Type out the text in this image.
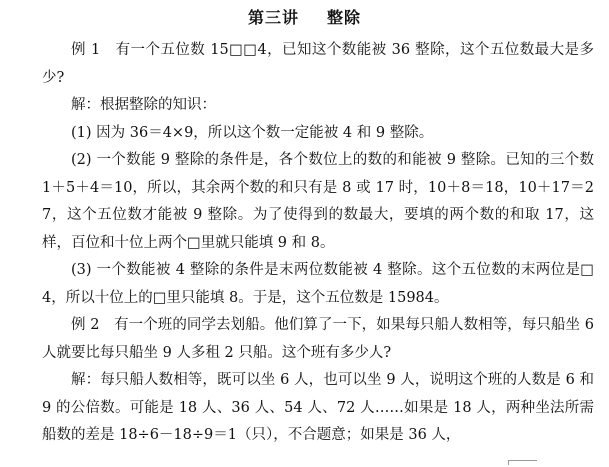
第三讲 整除

例 1　有一个五位数 15□□4，已知这个数能被 36 整除，这个五位数最大是多少?

解：根据整除的知识：

(1) 因为 36＝4×9，所以这个数一定能被 4 和 9 整除。

(2) 一个数能 9 整除的条件是，各个数位上的数的和能被 9 整除。已知的三个数 1＋5＋4＝10，所以，其余两个数的和只有是 8 或 17 时，10＋8＝18，10＋17＝27，这个五位数才能被 9 整除。为了使得到的数最大，要填的两个数的和取 17，这样，百位和十位上两个□里就只能填 9 和 8。

(3) 一个数能被 4 整除的条件是末两位数能被 4 整除。这个五位数的末两位是□4，所以十位上的□里只能填 8。于是，这个五位数是 15984。

例 2　有一个班的同学去划船。他们算了一下，如果每只船人数相等，每只船坐 6 人就要比每只船坐 9 人多租 2 只船。这个班有多少人?

解：每只船人数相等，既可以坐 6 人，也可以坐 9 人，说明这个班的人数是 6 和 9 的公倍数。可能是 18 人、36 人、54 人、72 人……如果是 18 人，两种坐法所需船数的差是 18÷6－18÷9＝1（只），不合题意；如果是 36 人，
